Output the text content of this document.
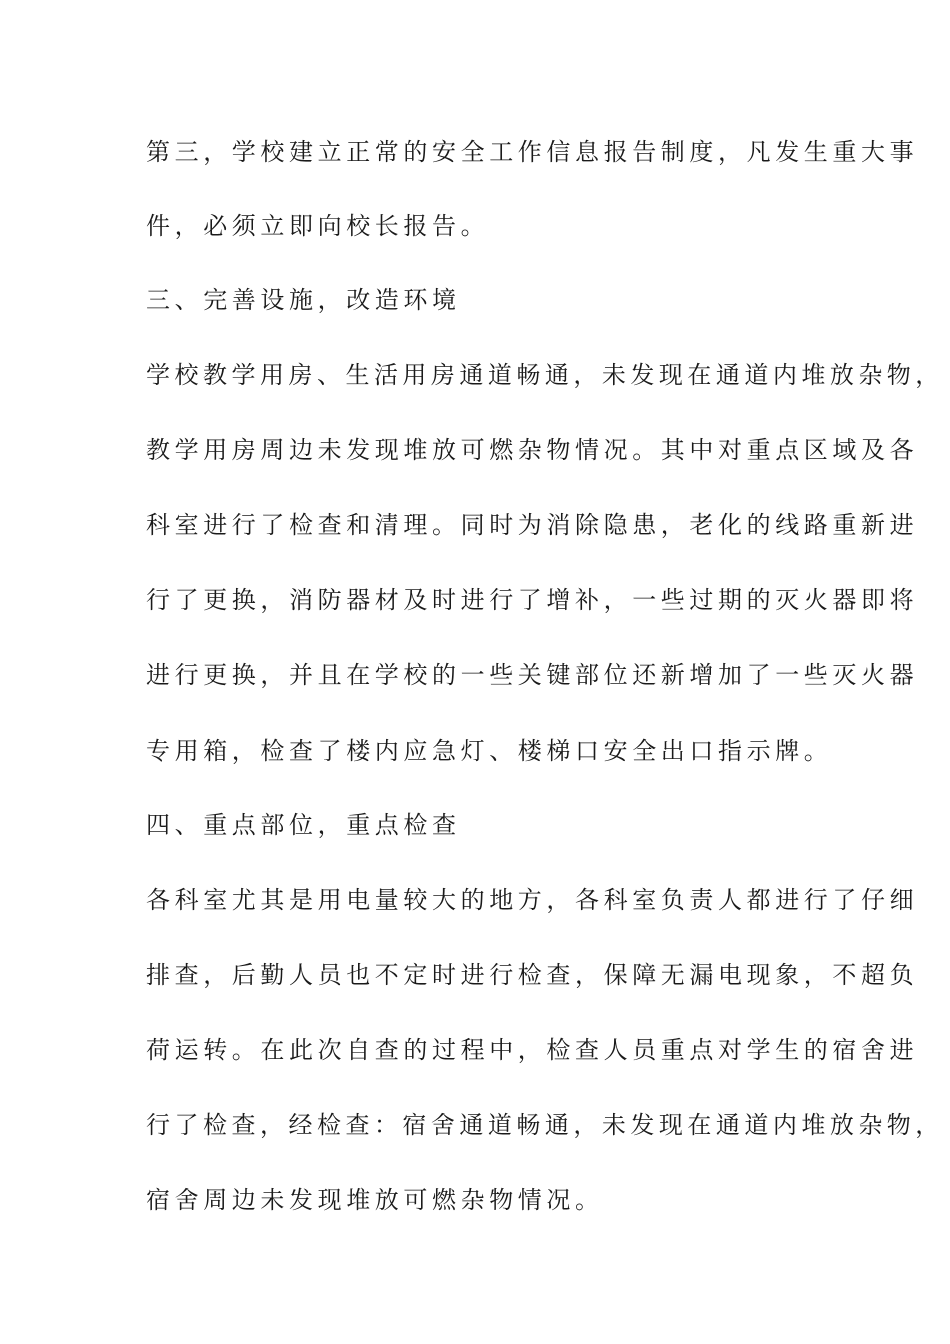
第三，学校建立正常的安全工作信息报告制度，凡发生重大事
件，必须立即向校长报告。
三、完善设施，改造环境
学校教学用房、生活用房通道畅通，未发现在通道内堆放杂物，
教学用房周边未发现堆放可燃杂物情况。其中对重点区域及各
科室进行了检查和清理。同时为消除隐患，老化的线路重新进
行了更换，消防器材及时进行了增补，一些过期的灭火器即将
进行更换，并且在学校的一些关键部位还新增加了一些灭火器
专用箱，检查了楼内应急灯、楼梯口安全出口指示牌。
四、重点部位，重点检查
各科室尤其是用电量较大的地方，各科室负责人都进行了仔细
排查，后勤人员也不定时进行检查，保障无漏电现象，不超负
荷运转。在此次自查的过程中，检查人员重点对学生的宿舍进
行了检查，经检查：宿舍通道畅通，未发现在通道内堆放杂物，
宿舍周边未发现堆放可燃杂物情况。
